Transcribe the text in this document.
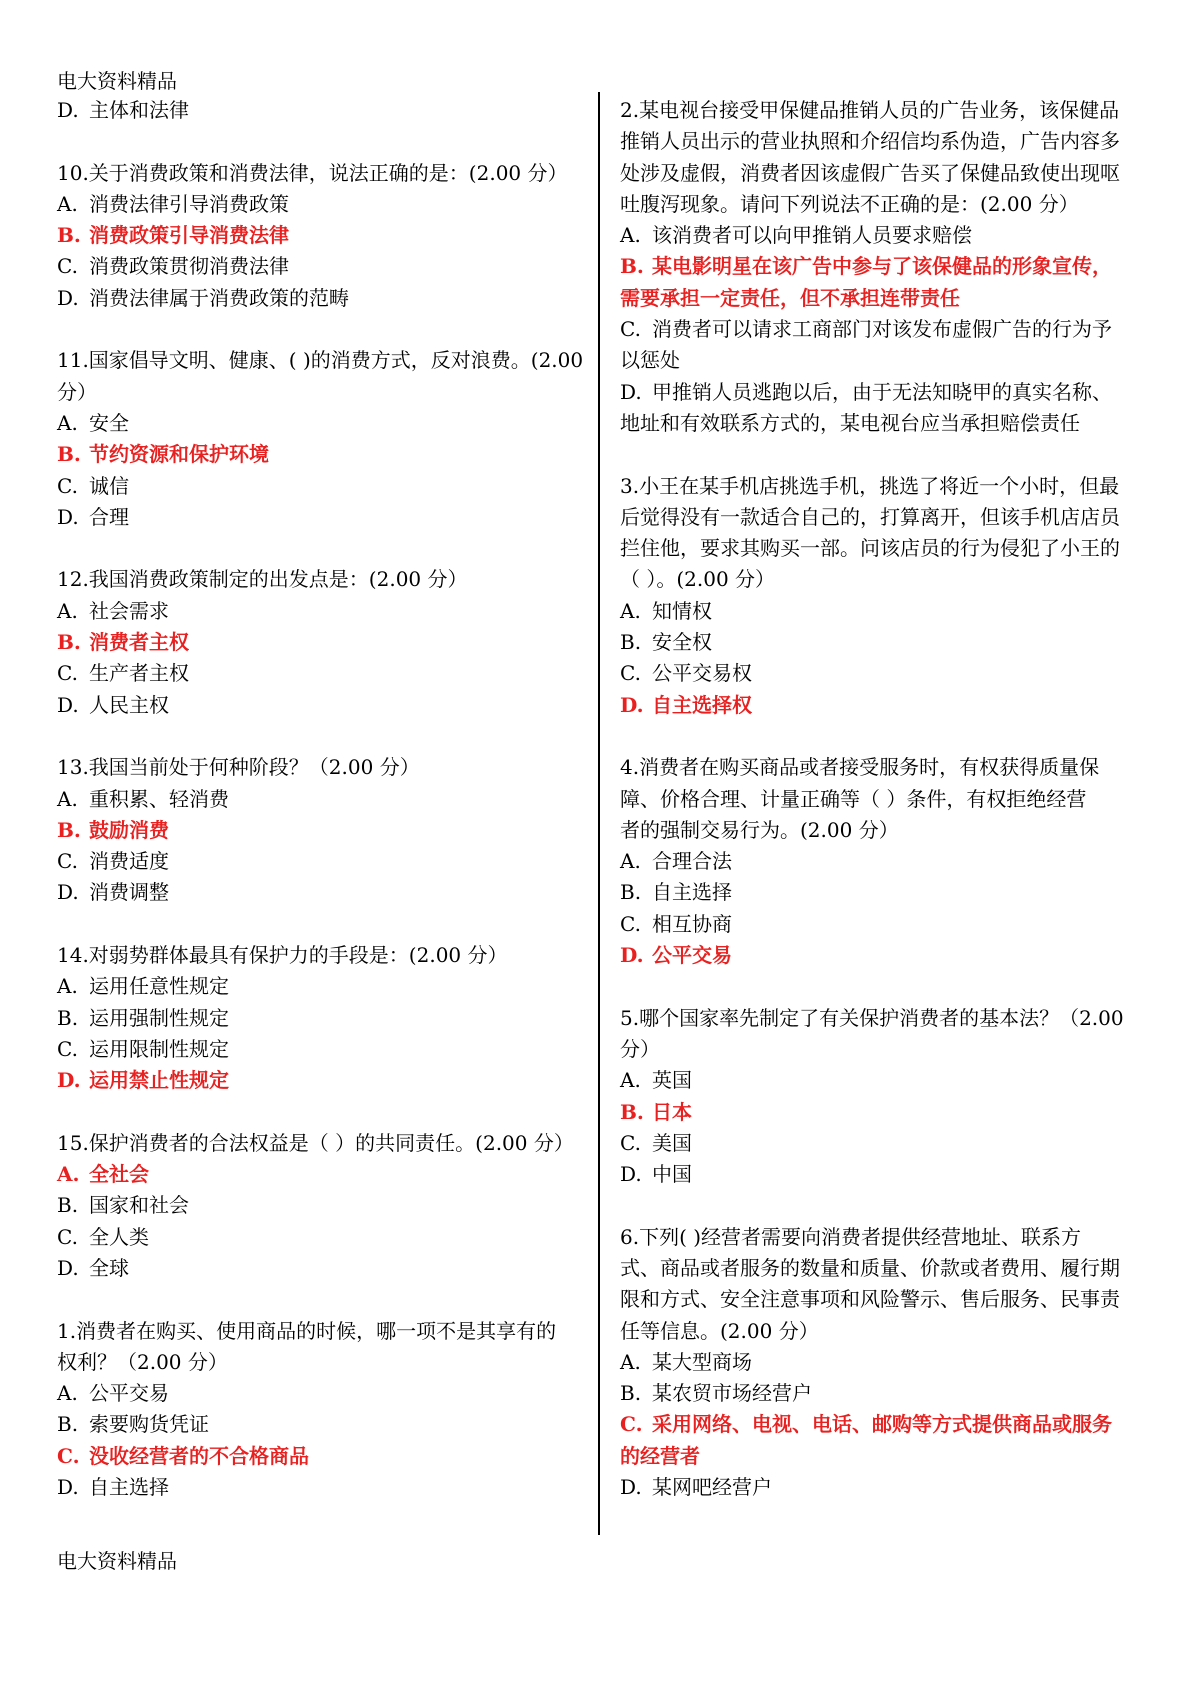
电大资料精品
D. 主体和法律
10.关于消费政策和消费法律，说法正确的是：(2.00 分）
A. 消费法律引导消费政策
B. 消费政策引导消费法律
C. 消费政策贯彻消费法律
D. 消费法律属于消费政策的范畴
11.国家倡导文明、健康、( )的消费方式，反对浪费。(2.00
分）
A. 安全
B. 节约资源和保护环境
C. 诚信
D. 合理
12.我国消费政策制定的出发点是：(2.00 分）
A. 社会需求
B. 消费者主权
C. 生产者主权
D. 人民主权
13.我国当前处于何种阶段？（2.00 分）
A. 重积累、轻消费
B. 鼓励消费
C. 消费适度
D. 消费调整
14.对弱势群体最具有保护力的手段是：(2.00 分）
A. 运用任意性规定
B. 运用强制性规定
C. 运用限制性规定
D. 运用禁止性规定
15.保护消费者的合法权益是（ ）的共同责任。(2.00 分）
A. 全社会
B. 国家和社会
C. 全人类
D. 全球
1.消费者在购买、使用商品的时候，哪一项不是其享有的
权利？（2.00 分）
A. 公平交易
B. 索要购货凭证
C. 没收经营者的不合格商品
D. 自主选择
2.某电视台接受甲保健品推销人员的广告业务，该保健品
推销人员出示的营业执照和介绍信均系伪造，广告内容多
处涉及虚假，消费者因该虚假广告买了保健品致使出现呕
吐腹泻现象。请问下列说法不正确的是：(2.00 分）
A. 该消费者可以向甲推销人员要求赔偿
B. 某电影明星在该广告中参与了该保健品的形象宣传，
需要承担一定责任，但不承担连带责任
C. 消费者可以请求工商部门对该发布虚假广告的行为予
以惩处
D. 甲推销人员逃跑以后，由于无法知晓甲的真实名称、
地址和有效联系方式的，某电视台应当承担赔偿责任
3.小王在某手机店挑选手机，挑选了将近一个小时，但最
后觉得没有一款适合自己的，打算离开，但该手机店店员
拦住他，要求其购买一部。问该店员的行为侵犯了小王的
（ ）。(2.00 分）
A. 知情权
B. 安全权
C. 公平交易权
D. 自主选择权
4.消费者在购买商品或者接受服务时，有权获得质量保
障、价格合理、计量正确等（ ）条件，有权拒绝经营
者的强制交易行为。(2.00 分）
A. 合理合法
B. 自主选择
C. 相互协商
D. 公平交易
5.哪个国家率先制定了有关保护消费者的基本法？（2.00
分）
A. 英国
B. 日本
C. 美国
D. 中国
6.下列( )经营者需要向消费者提供经营地址、联系方
式、商品或者服务的数量和质量、价款或者费用、履行期
限和方式、安全注意事项和风险警示、售后服务、民事责
任等信息。(2.00 分）
A. 某大型商场
B. 某农贸市场经营户
C. 采用网络、电视、电话、邮购等方式提供商品或服务
的经营者
D. 某网吧经营户
电大资料精品
